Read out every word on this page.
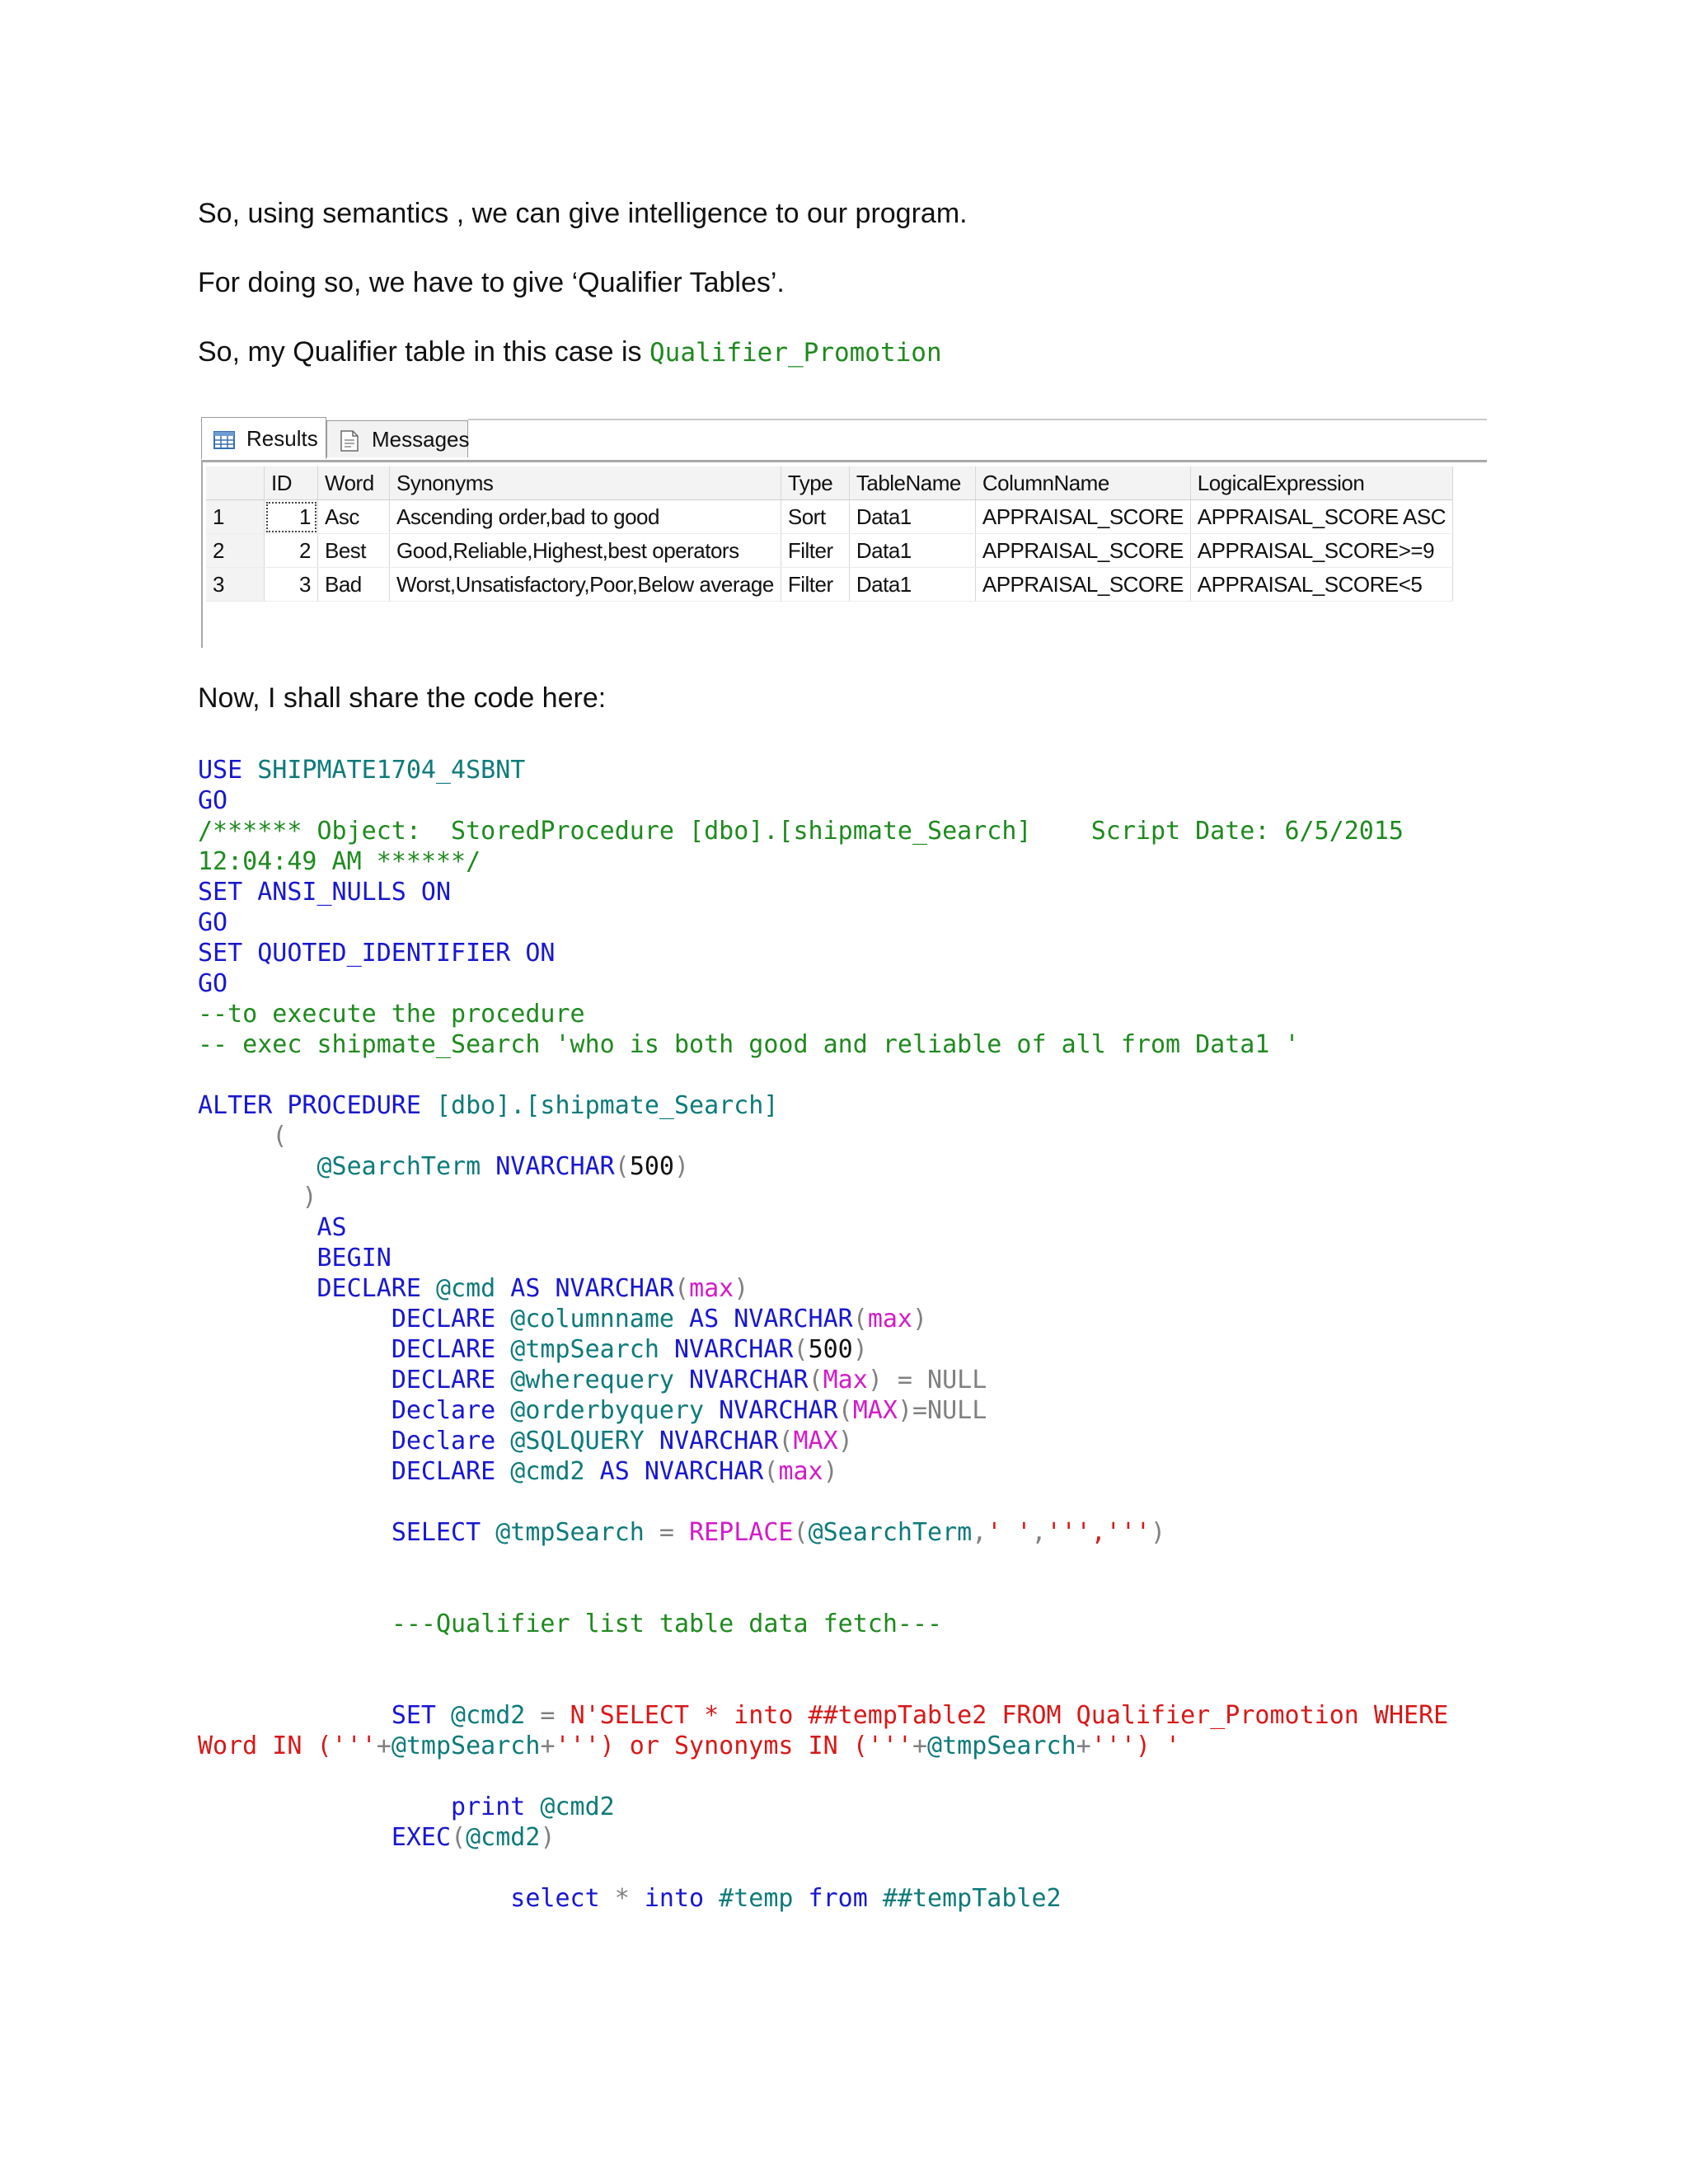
So, using semantics , we can give intelligence to our program.
For doing so, we have to give ‘Qualifier Tables’.
So, my Qualifier table in this case is Qualifier_Promotion
Results	Messages
	ID	Word	Synonyms	Type	TableName	ColumnName	LogicalExpression
1	1	Asc	Ascending order,bad to good	Sort	Data1	APPRAISAL_SCORE	APPRAISAL_SCORE ASC
2	2	Best	Good,Reliable,Highest,best operators	Filter	Data1	APPRAISAL_SCORE	APPRAISAL_SCORE>=9
3	3	Bad	Worst,Unsatisfactory,Poor,Below average	Filter	Data1	APPRAISAL_SCORE	APPRAISAL_SCORE<5
Now, I shall share the code here:
USE SHIPMATE1704_4SBNT
GO
/****** Object:  StoredProcedure [dbo].[shipmate_Search]    Script Date: 6/5/2015
12:04:49 AM ******/
SET ANSI_NULLS ON
GO
SET QUOTED_IDENTIFIER ON
GO
--to execute the procedure
-- exec shipmate_Search 'who is both good and reliable of all from Data1 '
ALTER PROCEDURE [dbo].[shipmate_Search]
(
@SearchTerm NVARCHAR(500)
)
AS
BEGIN
DECLARE @cmd AS NVARCHAR(max)
DECLARE @columnname AS NVARCHAR(max)
DECLARE @tmpSearch NVARCHAR(500)
DECLARE @wherequery NVARCHAR(Max) = NULL
Declare @orderbyquery NVARCHAR(MAX)=NULL
Declare @SQLQUERY NVARCHAR(MAX)
DECLARE @cmd2 AS NVARCHAR(max)
SELECT @tmpSearch = REPLACE(@SearchTerm,' ',''',''')
---Qualifier list table data fetch---
SET @cmd2 = N'SELECT * into ##tempTable2 FROM Qualifier_Promotion WHERE
Word IN ('''+@tmpSearch+''') or Synonyms IN ('''+@tmpSearch+''') '
print @cmd2
EXEC(@cmd2)
select * into #temp from ##tempTable2
